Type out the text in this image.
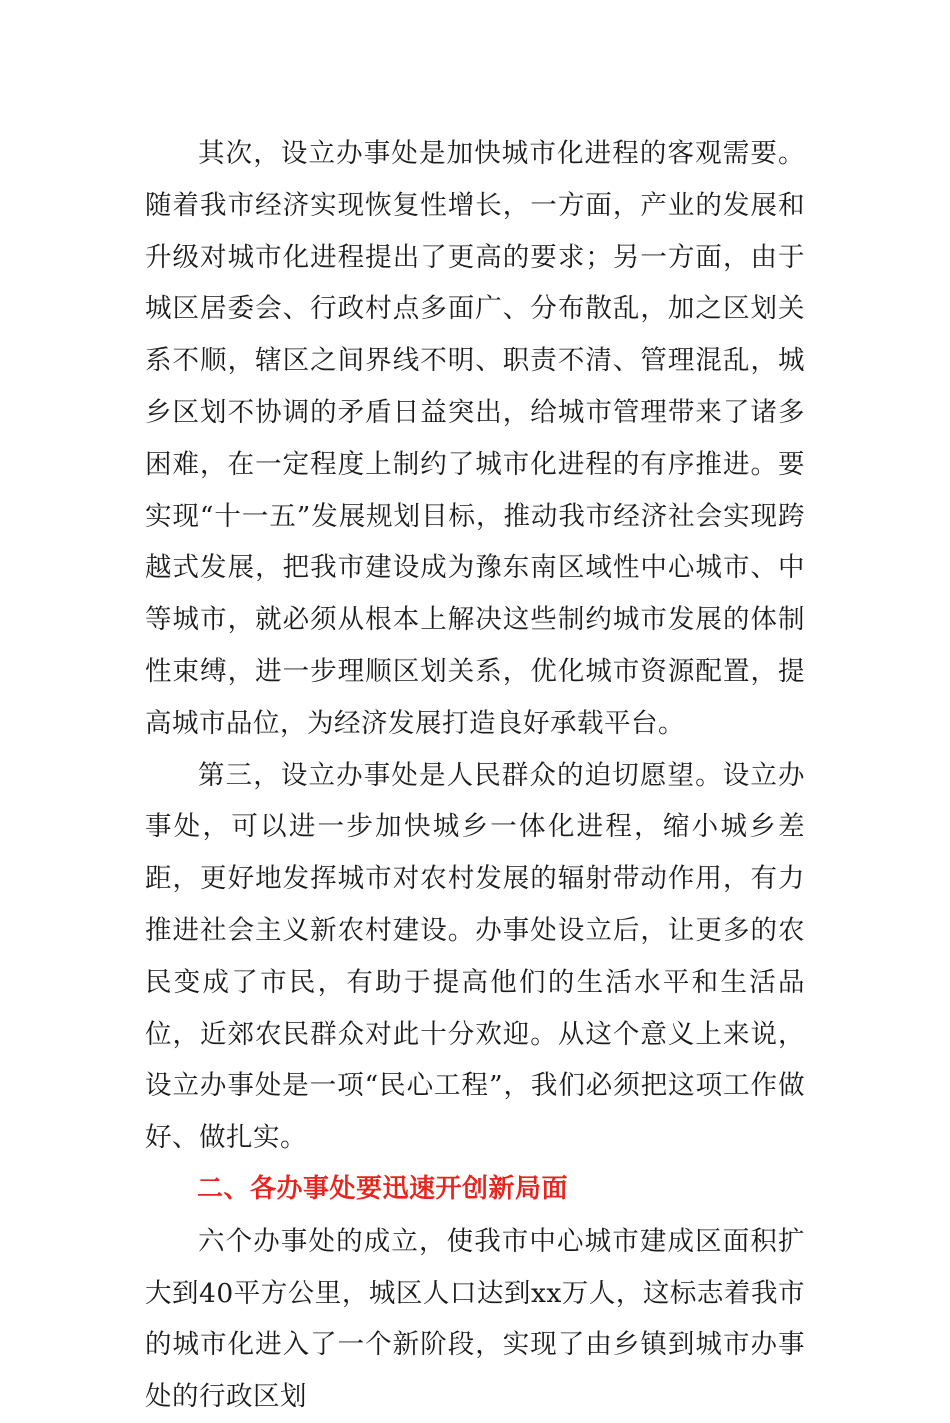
其次，设立办事处是加快城市化进程的客观需要。随着我市经济实现恢复性增长，一方面，产业的发展和升级对城市化进程提出了更高的要求；另一方面，由于城区居委会、行政村点多面广、分布散乱，加之区划关系不顺，辖区之间界线不明、职责不清、管理混乱，城乡区划不协调的矛盾日益突出，给城市管理带来了诸多困难，在一定程度上制约了城市化进程的有序推进。要实现“十一五”发展规划目标，推动我市经济社会实现跨越式发展，把我市建设成为豫东南区域性中心城市、中等城市，就必须从根本上解决这些制约城市发展的体制性束缚，进一步理顺区划关系，优化城市资源配置，提高城市品位，为经济发展打造良好承载平台。

第三，设立办事处是人民群众的迫切愿望。设立办事处，可以进一步加快城乡一体化进程，缩小城乡差距，更好地发挥城市对农村发展的辐射带动作用，有力推进社会主义新农村建设。办事处设立后，让更多的农民变成了市民，有助于提高他们的生活水平和生活品位，近郊农民群众对此十分欢迎。从这个意义上来说，设立办事处是一项“民心工程”，我们必须把这项工作做好、做扎实。

二、各办事处要迅速开创新局面

六个办事处的成立，使我市中心城市建成区面积扩大到40平方公里，城区人口达到xx万人，这标志着我市的城市化进入了一个新阶段，实现了由乡镇到城市办事处的行政区划
